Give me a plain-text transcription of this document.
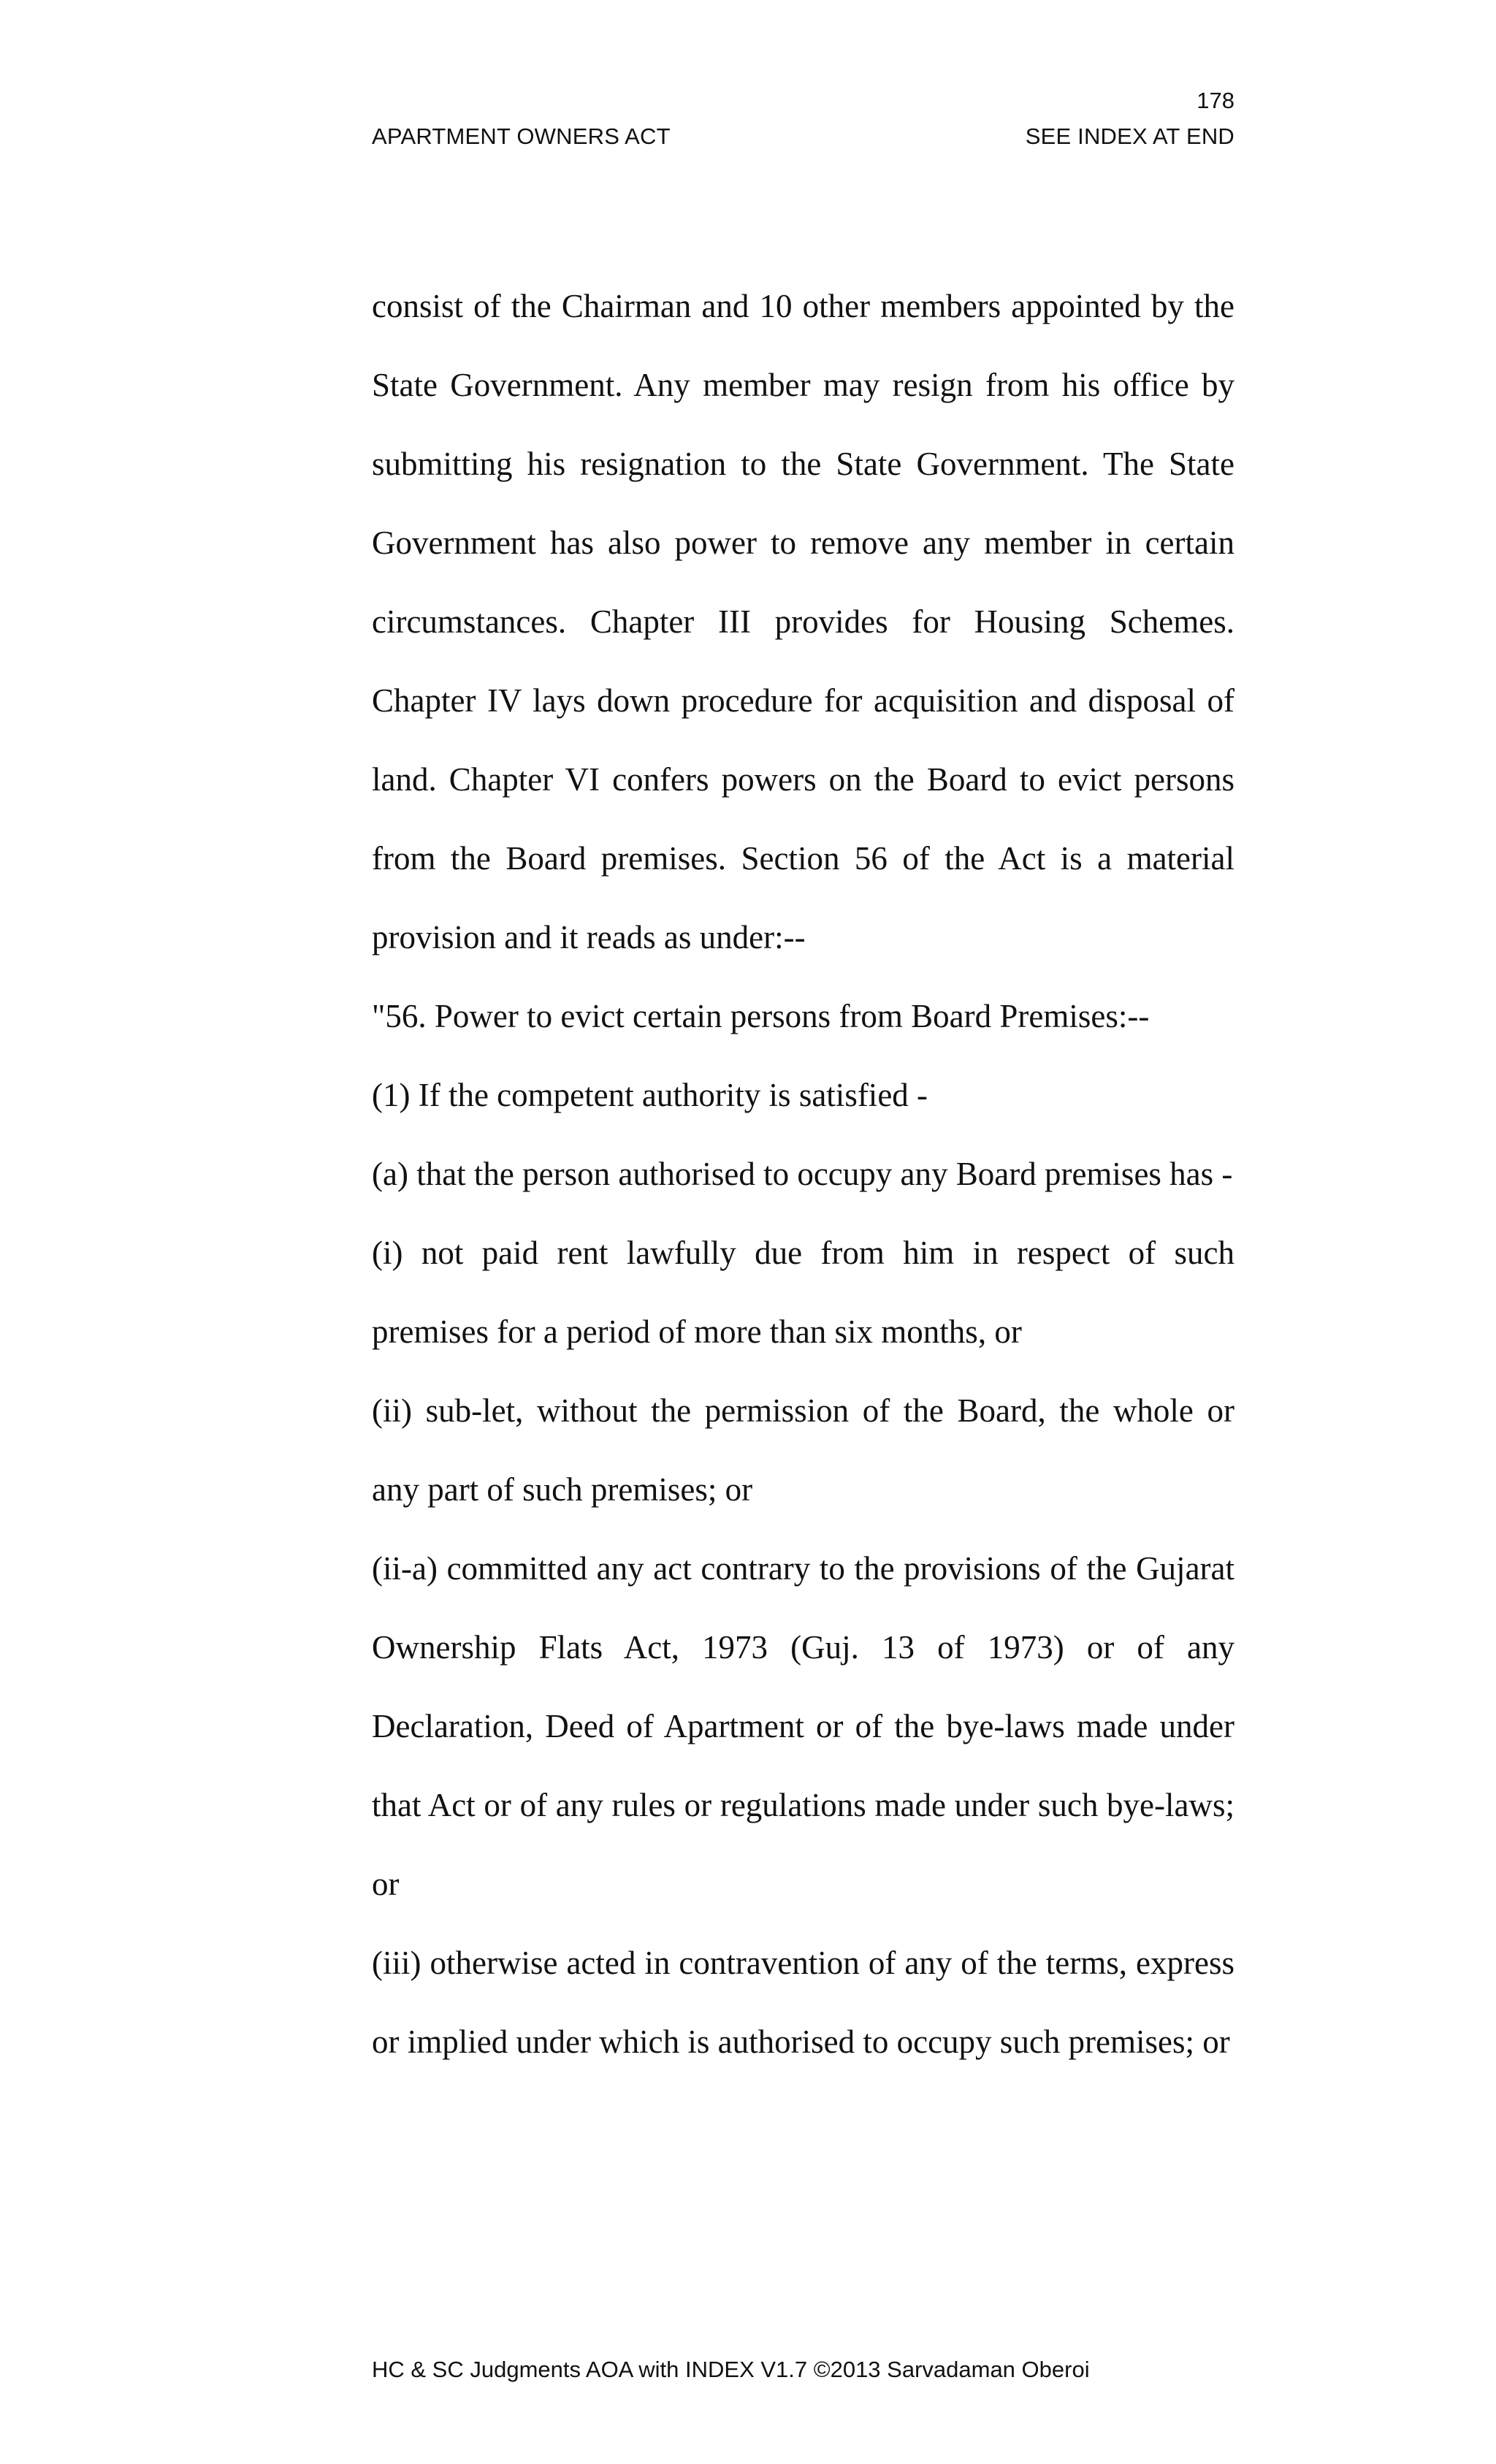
178
APARTMENT OWNERS ACT	SEE INDEX AT END

consist of the Chairman and 10 other members appointed by the State Government. Any member may resign from his office by submitting his resignation to the State Government. The State Government has also power to remove any member in certain circumstances. Chapter III provides for Housing Schemes. Chapter IV lays down procedure for acquisition and disposal of land. Chapter VI confers powers on the Board to evict persons from the Board premises. Section 56 of the Act is a material provision and it reads as under:--

"56. Power to evict certain persons from Board Premises:--

(1) If the competent authority is satisfied -

(a) that the person authorised to occupy any Board premises has -

(i) not paid rent lawfully due from him in respect of such premises for a period of more than six months, or

(ii) sub-let, without the permission of the Board, the whole or any part of such premises; or

(ii-a) committed any act contrary to the provisions of the Gujarat Ownership Flats Act, 1973 (Guj. 13 of 1973) or of any Declaration, Deed of Apartment or of the bye-laws made under that Act or of any rules or regulations made under such bye-laws; or

(iii) otherwise acted in contravention of any of the terms, express or implied under which is authorised to occupy such premises; or

HC & SC Judgments AOA with INDEX V1.7 ©2013 Sarvadaman Oberoi
